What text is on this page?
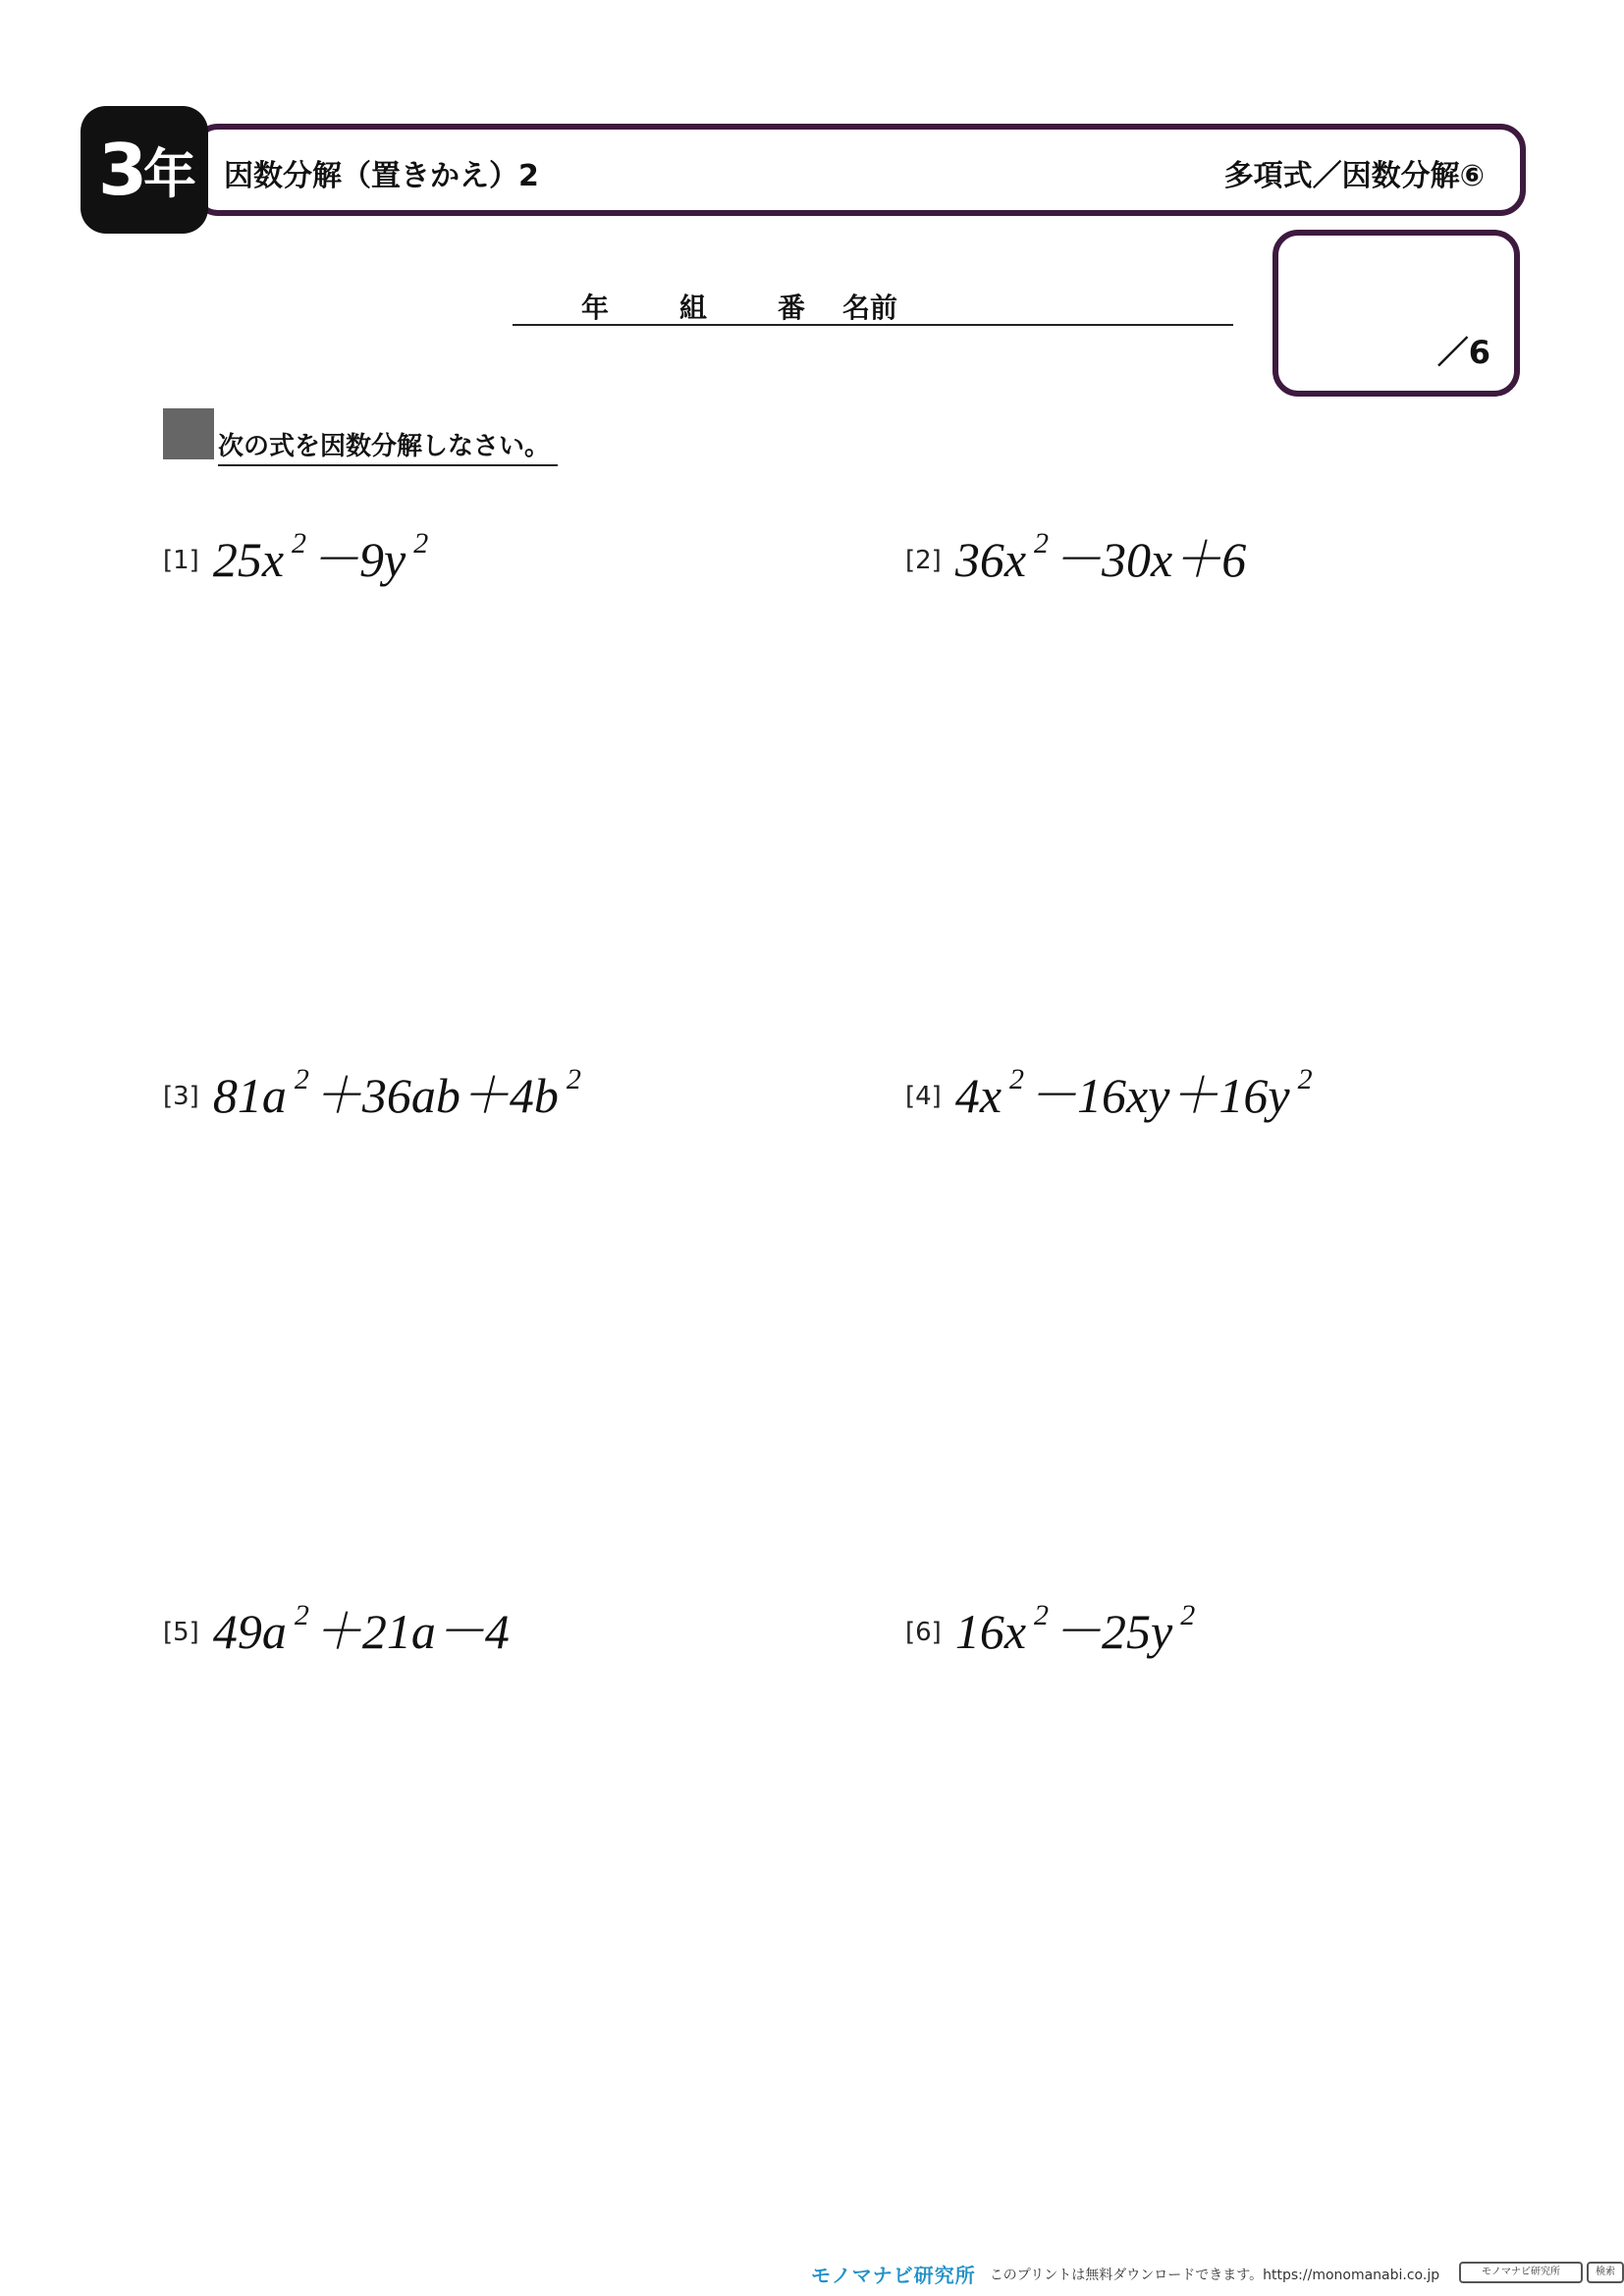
3 年 因数分解（置きかえ）2	多項式／因数分解⑥
年	組	番 名前
／6
次の式を因数分解しなさい。
[1] 25x $^2$－9y $^2$
[2] 36x $^2$－30x＋6
[3] 81a $^2$＋36ab＋4b $^2$
[4] 4x $^2$－16xy＋16y $^2$
[5] 49a $^2$＋21a－4	[6] 16x $^2$－25y $^2$
モノマナビ研究所 このプリントは無料ダウンロードできます。https://monomanabi.co.jp	モノマナビ研究所	検索
